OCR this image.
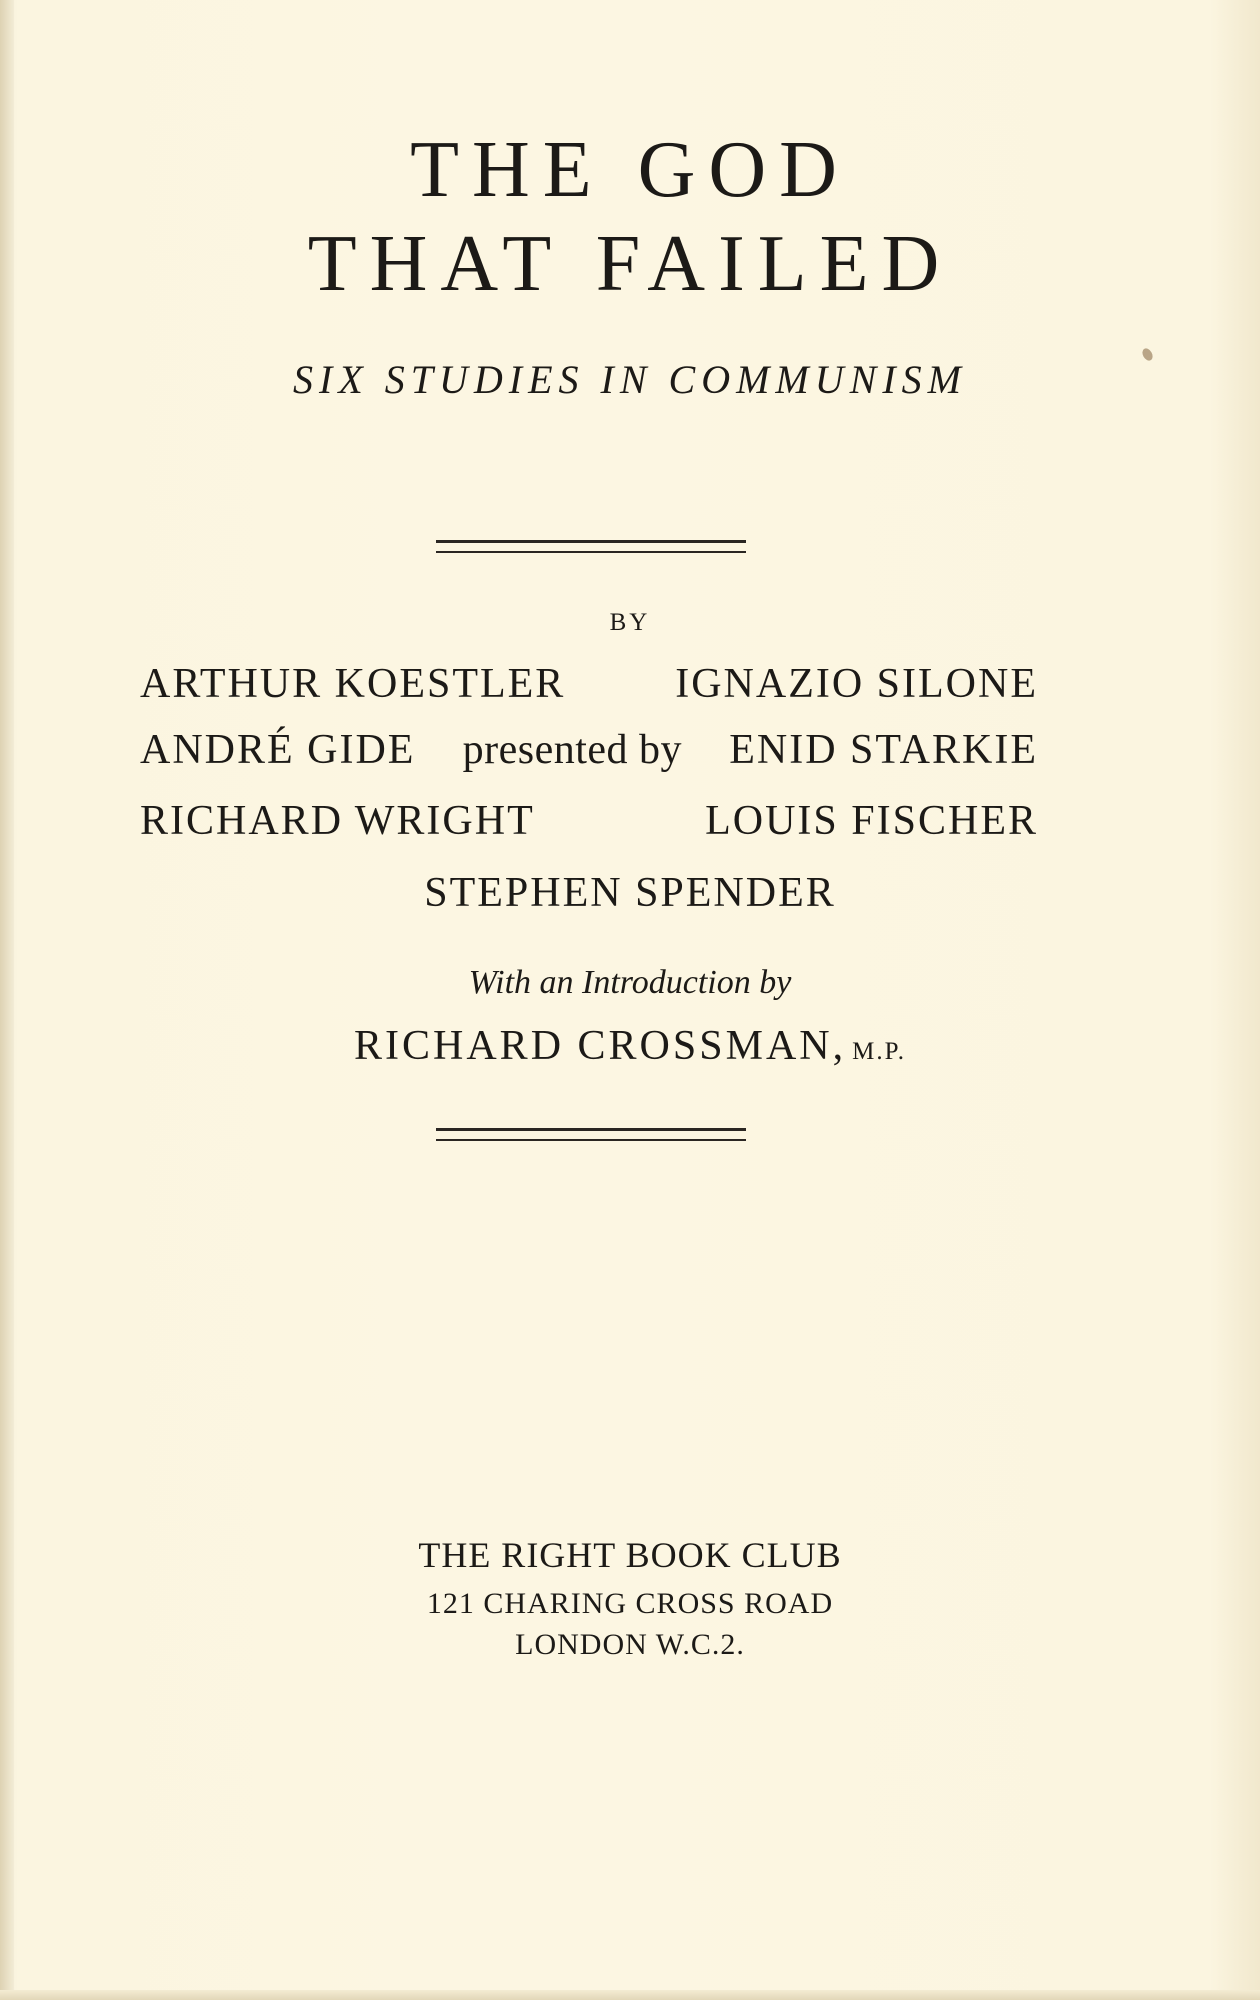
THE GOD
THAT FAILED
SIX STUDIES IN COMMUNISM
BY
ARTHUR KOESTLER	IGNAZIO SILONE
ANDRÉ GIDE presented by ENID STARKIE
RICHARD WRIGHT	LOUIS FISCHER
STEPHEN SPENDER
With an Introduction by
RICHARD CROSSMAN, M.P.
THE RIGHT BOOK CLUB
121 CHARING CROSS ROAD
LONDON W.C.2.
